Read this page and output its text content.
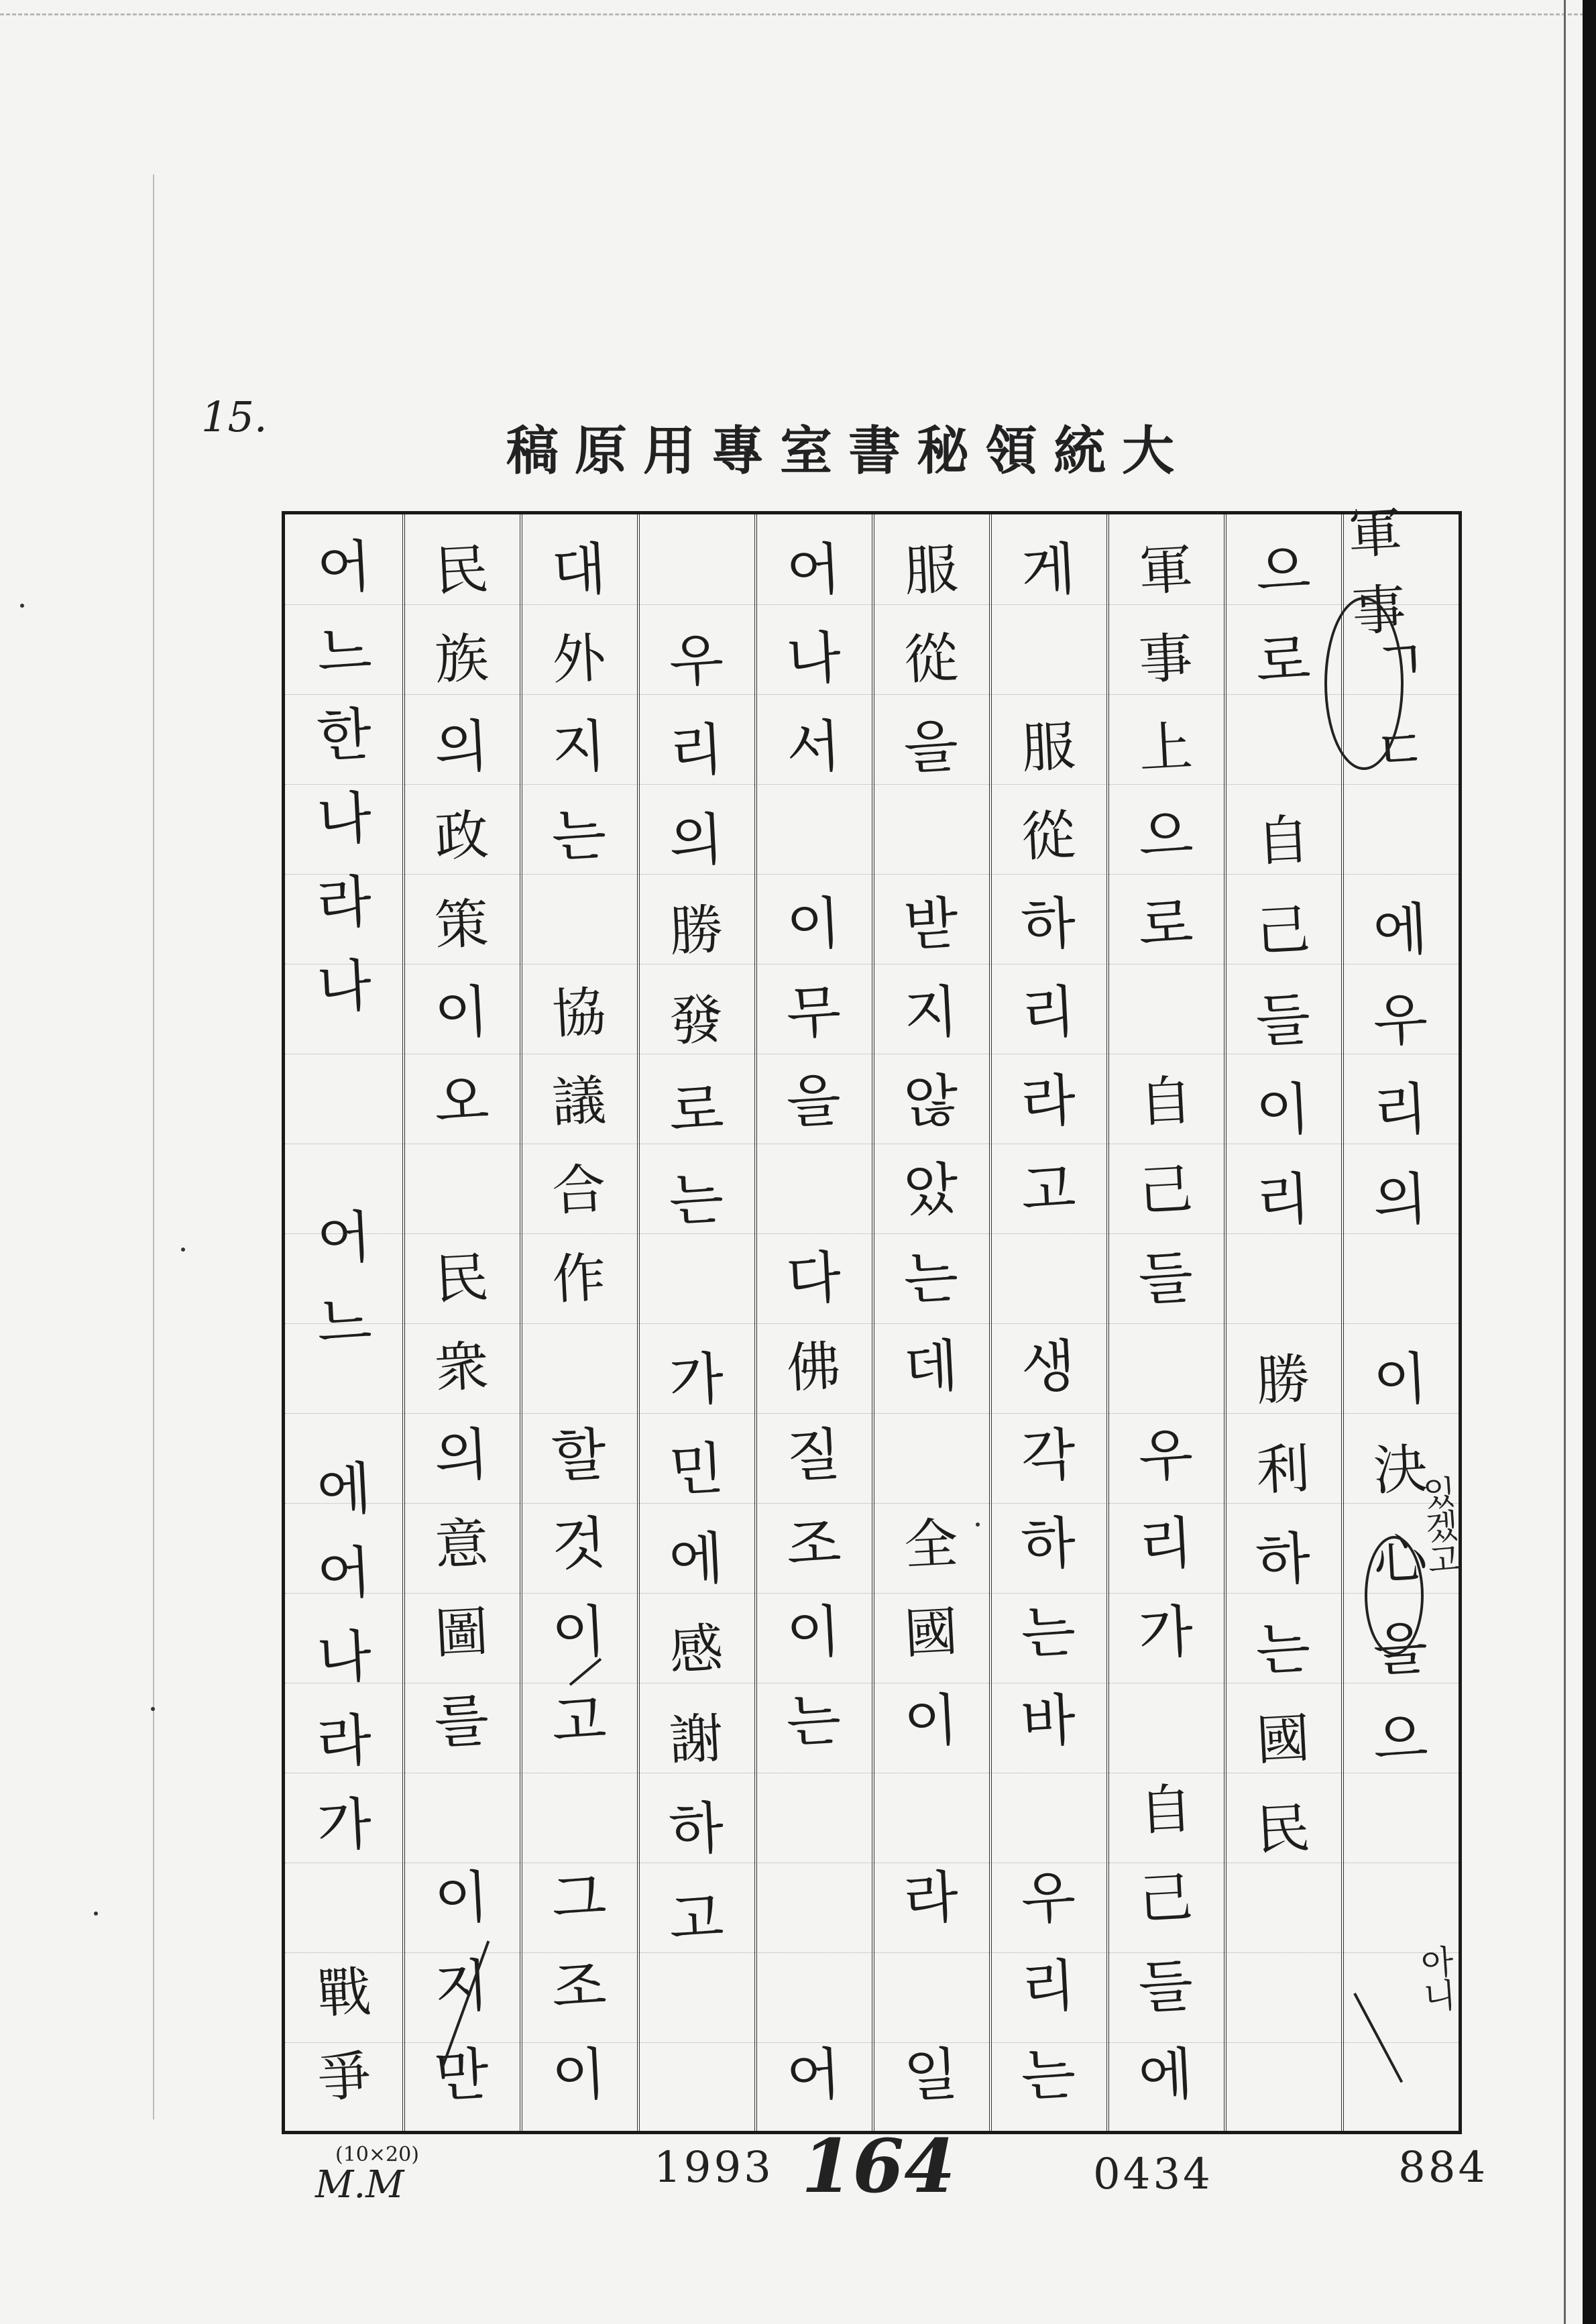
15.
稿原用專室書秘領統大
軍事
ㄱ
ㄷ
에
우
리
의
이
決
心
을
으
으
로
自
己
들
이
리
勝
利
하
는
國
民
軍
事
上
으
로
自
己
들
우
리
가
自
己
들
에
게
服
從
하
리
라
고
생
각
하
는
바
우
리
는
服
從
을
받
지
않
았
는
데
全
國
이
라
일
어
나
서
이
무
을
다
佛
질
조
이
는
어
우
리
의
勝
發
로
는
가
민
에
感
謝
하
고
대
外
지
는
協
議
合
作
할
것
이
고
그
조
이
民
族
의
政
策
이
오
民
衆
의
意
圖
를
이
지
만
어
느
한
나
라
나
어
느
에
어
나
라
가
戰
爭
있겠고
아니
(10×20)
M.M	1993 164	0434	884
